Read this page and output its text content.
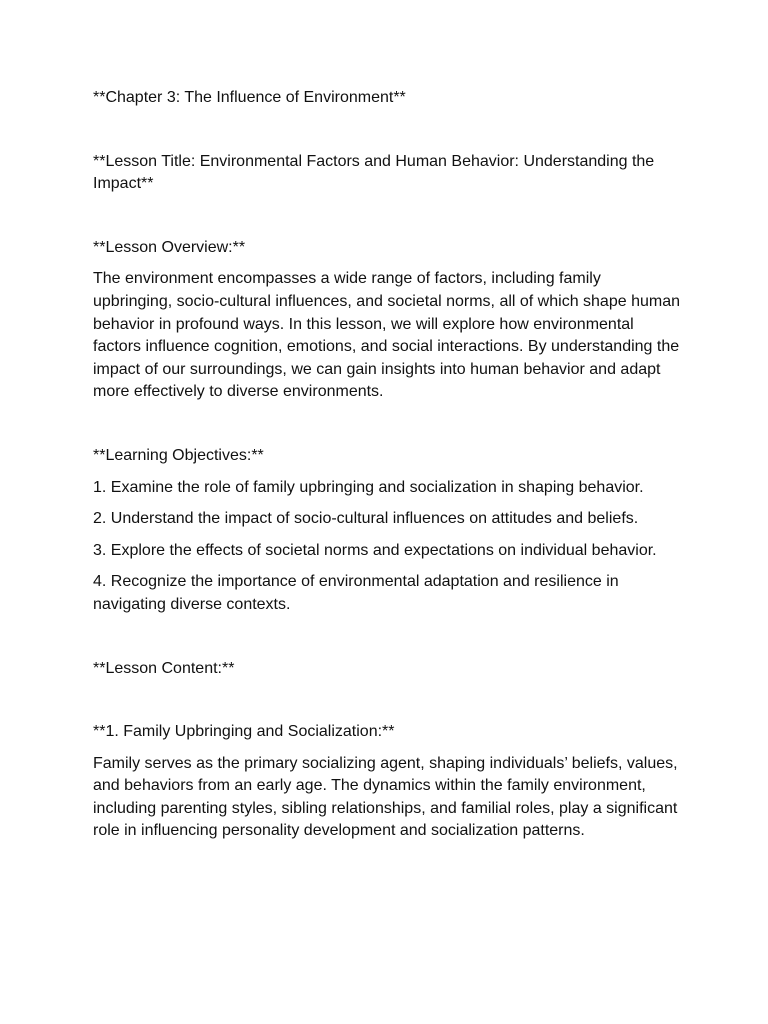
**Chapter 3: The Influence of Environment**

**Lesson Title: Environmental Factors and Human Behavior: Understanding the Impact**

**Lesson Overview:**

The environment encompasses a wide range of factors, including family upbringing, socio-cultural influences, and societal norms, all of which shape human behavior in profound ways. In this lesson, we will explore how environmental factors influence cognition, emotions, and social interactions. By understanding the impact of our surroundings, we can gain insights into human behavior and adapt more effectively to diverse environments.

**Learning Objectives:**

1. Examine the role of family upbringing and socialization in shaping behavior.

2. Understand the impact of socio-cultural influences on attitudes and beliefs.

3. Explore the effects of societal norms and expectations on individual behavior.

4. Recognize the importance of environmental adaptation and resilience in navigating diverse contexts.

**Lesson Content:**

**1. Family Upbringing and Socialization:**

Family serves as the primary socializing agent, shaping individuals’ beliefs, values, and behaviors from an early age. The dynamics within the family environment, including parenting styles, sibling relationships, and familial roles, play a significant role in influencing personality development and socialization patterns.
